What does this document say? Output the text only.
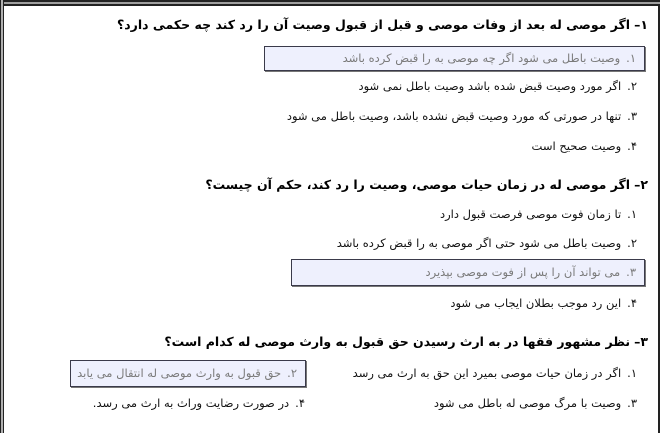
۱–اگر موصی له بعد از وفات موصی و قبل از قبول وصیت آن را رد کند چه حکمی دارد؟
۱.وصیت باطل می شود اگر چه موصی به را قبض کرده باشد
۲.اگر مورد وصیت قبض شده باشد وصیت باطل نمی شود
۳.تنها در صورتی که مورد وصیت قبض نشده باشد، وصیت باطل می شود
۴.وصیت صحیح است
۲–اگر موصی له در زمان حیات موصی، وصیت را رد کند، حکم آن چیست؟
۱.تا زمان فوت موصی فرصت قبول دارد
۲.وصیت باطل می شود حتی اگر موصی به را قبض کرده باشد
۳.می تواند آن را پس از فوت موصی بپذیرد
۴.این رد موجب بطلان ایجاب می شود
۳–نظر مشهور فقها در به ارث رسیدن حق قبول به وارث موصی له کدام است؟
۱.اگر در زمان حیات موصی بمیرد این حق به ارث می رسد
۲.حق قبول به وارث موصی له انتقال می یابد
۳.وصیت با مرگ موصی له باطل می شود
۴.در صورت رضایت وراث به ارث می رسد.
